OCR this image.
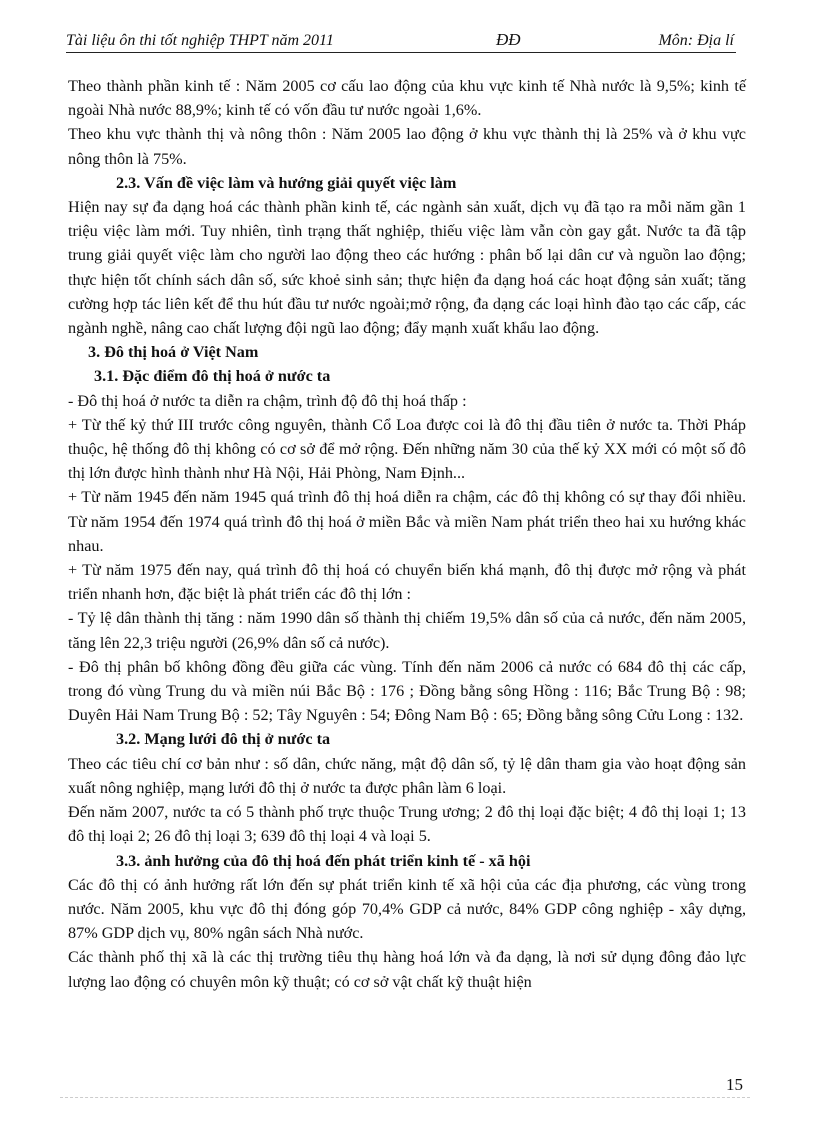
Tài liệu ôn thi tốt nghiệp THPT năm 2011	ĐĐ	Môn: Địa lí
Theo thành phần kinh tế : Năm 2005 cơ cấu lao động của khu vực kinh tế Nhà nước là 9,5%; kinh tế ngoài Nhà nước 88,9%; kinh tế có vốn đầu tư nước ngoài 1,6%.
Theo khu vực thành thị và nông thôn : Năm 2005 lao động ở khu vực thành thị là 25% và ở khu vực nông thôn là 75%.
2.3. Vấn đề việc làm và hướng giải quyết việc làm
Hiện nay sự đa dạng hoá các thành phần kinh tế, các ngành sản xuất, dịch vụ đã tạo ra mỗi năm gần 1 triệu việc làm mới. Tuy nhiên, tình trạng thất nghiệp, thiếu việc làm vẫn còn gay gắt. Nước ta đã tập trung giải quyết việc làm cho người lao động theo các hướng : phân bố lại dân cư và nguồn lao động; thực hiện tốt chính sách dân số, sức khoẻ sinh sản; thực hiện đa dạng hoá các hoạt động sản xuất; tăng cường hợp tác liên kết để thu hút đầu tư nước ngoài;mở rộng, đa dạng các loại hình đào tạo các cấp, các ngành nghề, nâng cao chất lượng đội ngũ lao động; đẩy mạnh xuất khẩu lao động.
3. Đô thị hoá ở Việt Nam
3.1. Đặc điểm đô thị hoá ở nước ta
- Đô thị hoá ở nước ta diễn ra chậm, trình độ đô thị hoá thấp :
+ Từ thế kỷ thứ III trước công nguyên, thành Cổ Loa được coi là đô thị đầu tiên ở nước ta. Thời Pháp thuộc, hệ thống đô thị không có cơ sở để mở rộng. Đến những năm 30 của thế kỷ XX mới có một số đô thị lớn được hình thành như Hà Nội, Hải Phòng, Nam Định...
+ Từ năm 1945 đến năm 1945 quá trình đô thị hoá diễn ra chậm, các đô thị không có sự thay đổi nhiều. Từ năm 1954 đến 1974 quá trình đô thị hoá ở miền Bắc và miền Nam phát triển theo hai xu hướng khác nhau.
+ Từ năm 1975 đến nay, quá trình đô thị hoá có chuyển biến khá mạnh, đô thị được mở rộng và phát triển nhanh hơn, đặc biệt là phát triển các đô thị lớn :
- Tỷ lệ dân thành thị tăng : năm 1990 dân số thành thị chiếm 19,5% dân số của cả nước, đến năm 2005, tăng lên 22,3 triệu người (26,9% dân số cả nước).
- Đô thị phân bố không đồng đều giữa các vùng. Tính đến năm 2006 cả nước có 684 đô thị các cấp, trong đó vùng Trung du và miền núi Bắc Bộ : 176 ; Đồng bằng sông Hồng : 116; Bắc Trung Bộ : 98; Duyên Hải Nam Trung Bộ : 52; Tây Nguyên : 54; Đông Nam Bộ : 65; Đồng bằng sông Cửu Long : 132.
3.2. Mạng lưới đô thị ở nước ta
Theo các tiêu chí cơ bản như : số dân, chức năng, mật độ dân số, tỷ lệ dân tham gia vào hoạt động sản xuất nông nghiệp, mạng lưới đô thị ở nước ta được phân làm 6 loại.
Đến năm 2007, nước ta có 5 thành phố trực thuộc Trung ương; 2 đô thị loại đặc biệt; 4 đô thị loại 1; 13 đô thị loại 2; 26 đô thị loại 3; 639 đô thị loại 4 và loại 5.
3.3. ảnh hưởng của đô thị hoá đến phát triển kinh tế - xã hội
Các đô thị có ảnh hưởng rất lớn đến sự phát triển kinh tế xã hội của các địa phương, các vùng trong nước. Năm 2005, khu vực đô thị đóng góp 70,4% GDP cả nước, 84% GDP công nghiệp - xây dựng, 87% GDP dịch vụ, 80% ngân sách Nhà nước.
Các thành phố thị xã là các thị trường tiêu thụ hàng hoá lớn và đa dạng, là nơi sử dụng đông đảo lực lượng lao động có chuyên môn kỹ thuật; có cơ sở vật chất kỹ thuật hiện
15
